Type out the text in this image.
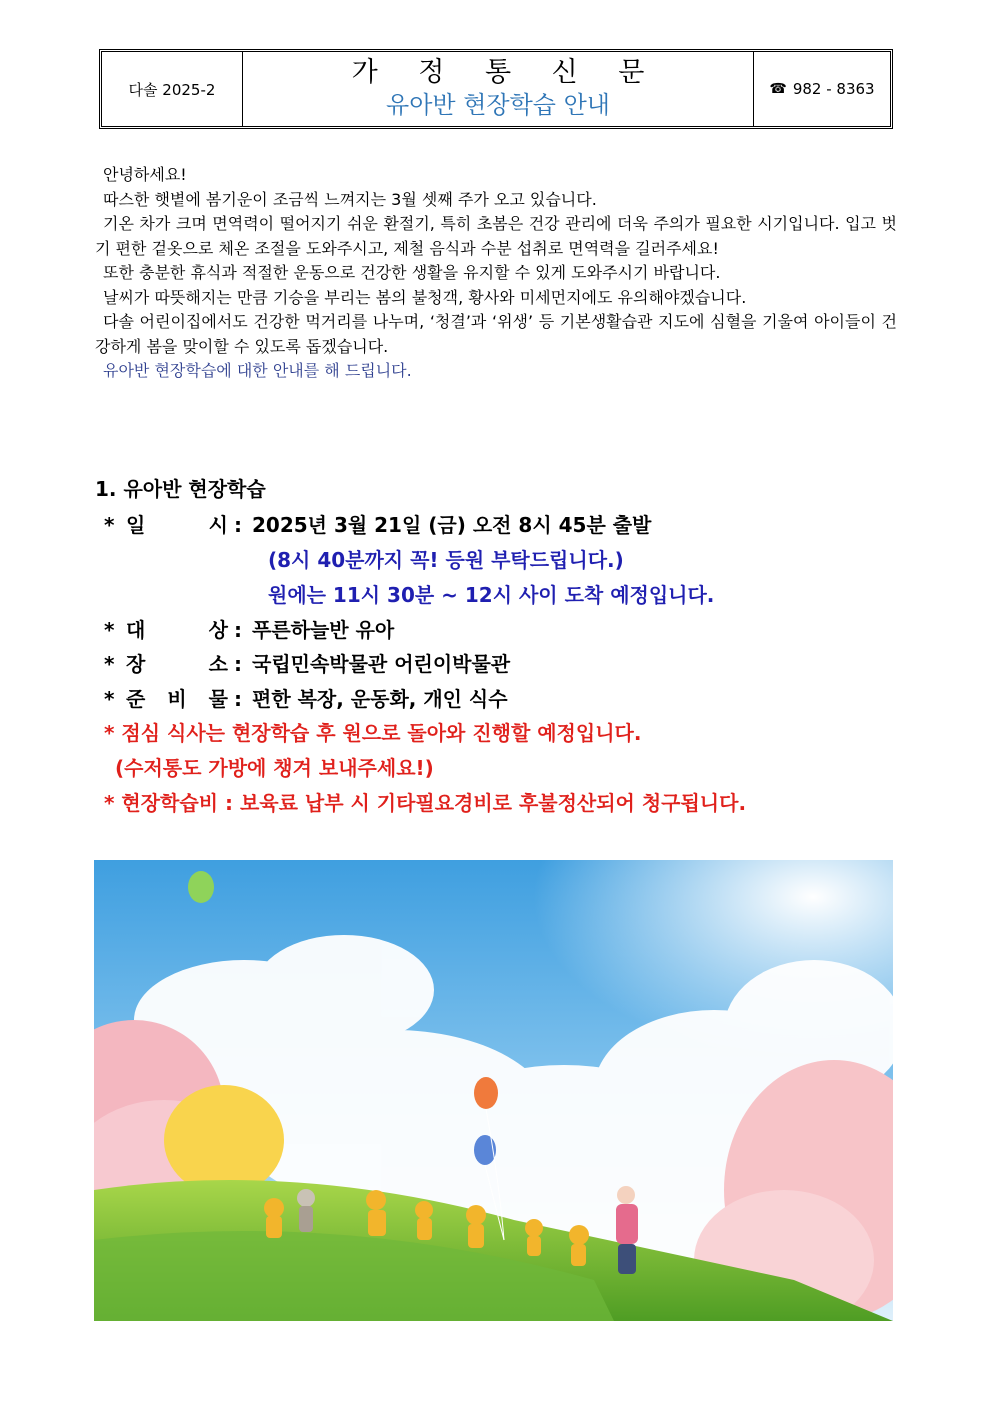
다솔 2025-2
가 정 통 신 문
유아반 현장학습 안내
☎ 982 - 8363

안녕하세요!

따스한 햇볕에 봄기운이 조금씩 느껴지는 3월 셋째 주가 오고 있습니다.

기온 차가 크며 면역력이 떨어지기 쉬운 환절기, 특히 초봄은 건강 관리에 더욱 주의가 필요한 시기입니다. 입고 벗기 편한 겉옷으로 체온 조절을 도와주시고, 제철 음식과 수분 섭취로 면역력을 길러주세요!

또한 충분한 휴식과 적절한 운동으로 건강한 생활을 유지할 수 있게 도와주시기 바랍니다.

날씨가 따뜻해지는 만큼 기승을 부리는 봄의 불청객, 황사와 미세먼지에도 유의해야겠습니다.

다솔 어린이집에서도 건강한 먹거리를 나누며, ‘청결’과 ‘위생’ 등 기본생활습관 지도에 심혈을 기울여 아이들이 건강하게 봄을 맞이할 수 있도록 돕겠습니다.

유아반 현장학습에 대한 안내를 해 드립니다.

1. 유아반 현장학습
* 일	시 : 2025년 3월 21일 (금) 오전 8시 45분 출발
(8시 40분까지 꼭! 등원 부탁드립니다.)
원에는 11시 30분 ~ 12시 사이 도착 예정입니다.
* 대	상 : 푸른하늘반 유아
* 장	소 : 국립민속박물관 어린이박물관
* 준 비 물 : 편한 복장, 운동화, 개인 식수
* 점심 식사는 현장학습 후 원으로 돌아와 진행할 예정입니다.
(수저통도 가방에 챙겨 보내주세요!)
* 현장학습비 : 보육료 납부 시 기타필요경비로 후불정산되어 청구됩니다.
